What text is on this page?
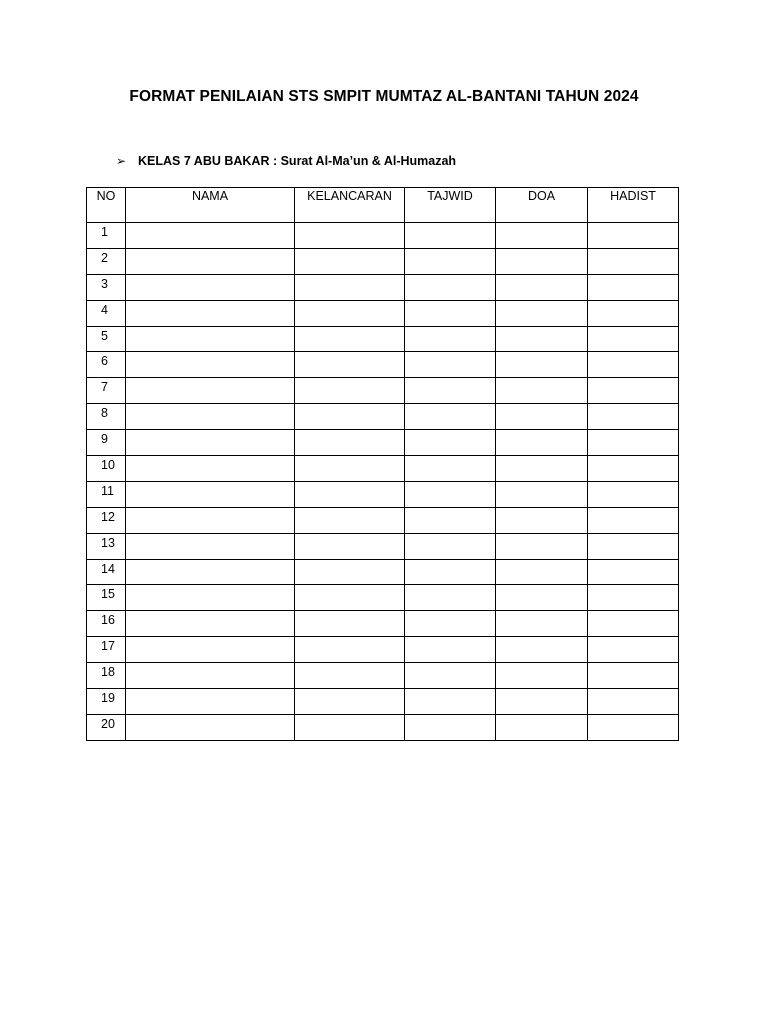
FORMAT PENILAIAN STS SMPIT MUMTAZ AL-BANTANI TAHUN 2024
➢ KELAS 7 ABU BAKAR : Surat Al-Ma’un & Al-Humazah
NO	NAMA	KELANCARAN	TAJWID	DOA	HADIST
1					
2					
3					
4					
5					
6					
7					
8					
9					
10					
11					
12					
13					
14					
15					
16					
17					
18					
19					
20					
